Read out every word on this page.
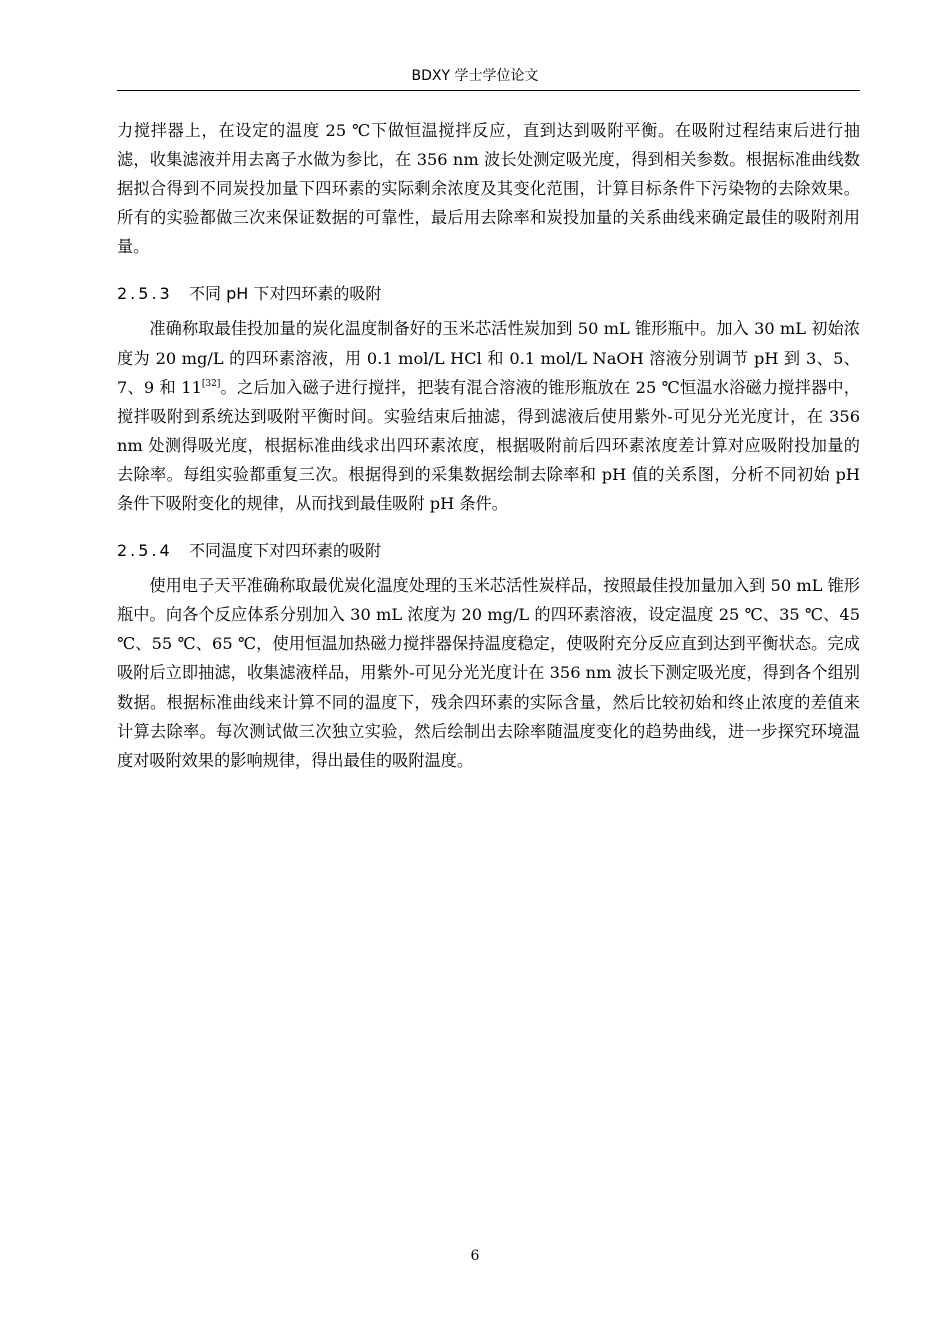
BDXY 学士学位论文

力搅拌器上，在设定的温度 25 ℃下做恒温搅拌反应，直到达到吸附平衡。在吸附过程结束后进行抽滤，收集滤液并用去离子水做为参比，在 356 nm 波长处测定吸光度，得到相关参数。根据标准曲线数据拟合得到不同炭投加量下四环素的实际剩余浓度及其变化范围，计算目标条件下污染物的去除效果。所有的实验都做三次来保证数据的可靠性，最后用去除率和炭投加量的关系曲线来确定最佳的吸附剂用量。

2.5.3 不同 pH 下对四环素的吸附

准确称取最佳投加量的炭化温度制备好的玉米芯活性炭加到 50 mL 锥形瓶中。加入 30 mL 初始浓度为 20 mg/L 的四环素溶液，用 0.1 mol/L HCl 和 0.1 mol/L NaOH 溶液分别调节 pH 到 3、5、7、9 和 11[32]。之后加入磁子进行搅拌，把装有混合溶液的锥形瓶放在 25 ℃恒温水浴磁力搅拌器中，搅拌吸附到系统达到吸附平衡时间。实验结束后抽滤，得到滤液后使用紫外-可见分光光度计，在 356 nm 处测得吸光度，根据标准曲线求出四环素浓度，根据吸附前后四环素浓度差计算对应吸附投加量的去除率。每组实验都重复三次。根据得到的采集数据绘制去除率和 pH 值的关系图，分析不同初始 pH 条件下吸附变化的规律，从而找到最佳吸附 pH 条件。

2.5.4 不同温度下对四环素的吸附

使用电子天平准确称取最优炭化温度处理的玉米芯活性炭样品，按照最佳投加量加入到 50 mL 锥形瓶中。向各个反应体系分别加入 30 mL 浓度为 20 mg/L 的四环素溶液，设定温度 25 ℃、35 ℃、45 ℃、55 ℃、65 ℃，使用恒温加热磁力搅拌器保持温度稳定，使吸附充分反应直到达到平衡状态。完成吸附后立即抽滤，收集滤液样品，用紫外-可见分光光度计在 356 nm 波长下测定吸光度，得到各个组别数据。根据标准曲线来计算不同的温度下，残余四环素的实际含量，然后比较初始和终止浓度的差值来计算去除率。每次测试做三次独立实验，然后绘制出去除率随温度变化的趋势曲线，进一步探究环境温度对吸附效果的影响规律，得出最佳的吸附温度。

6
